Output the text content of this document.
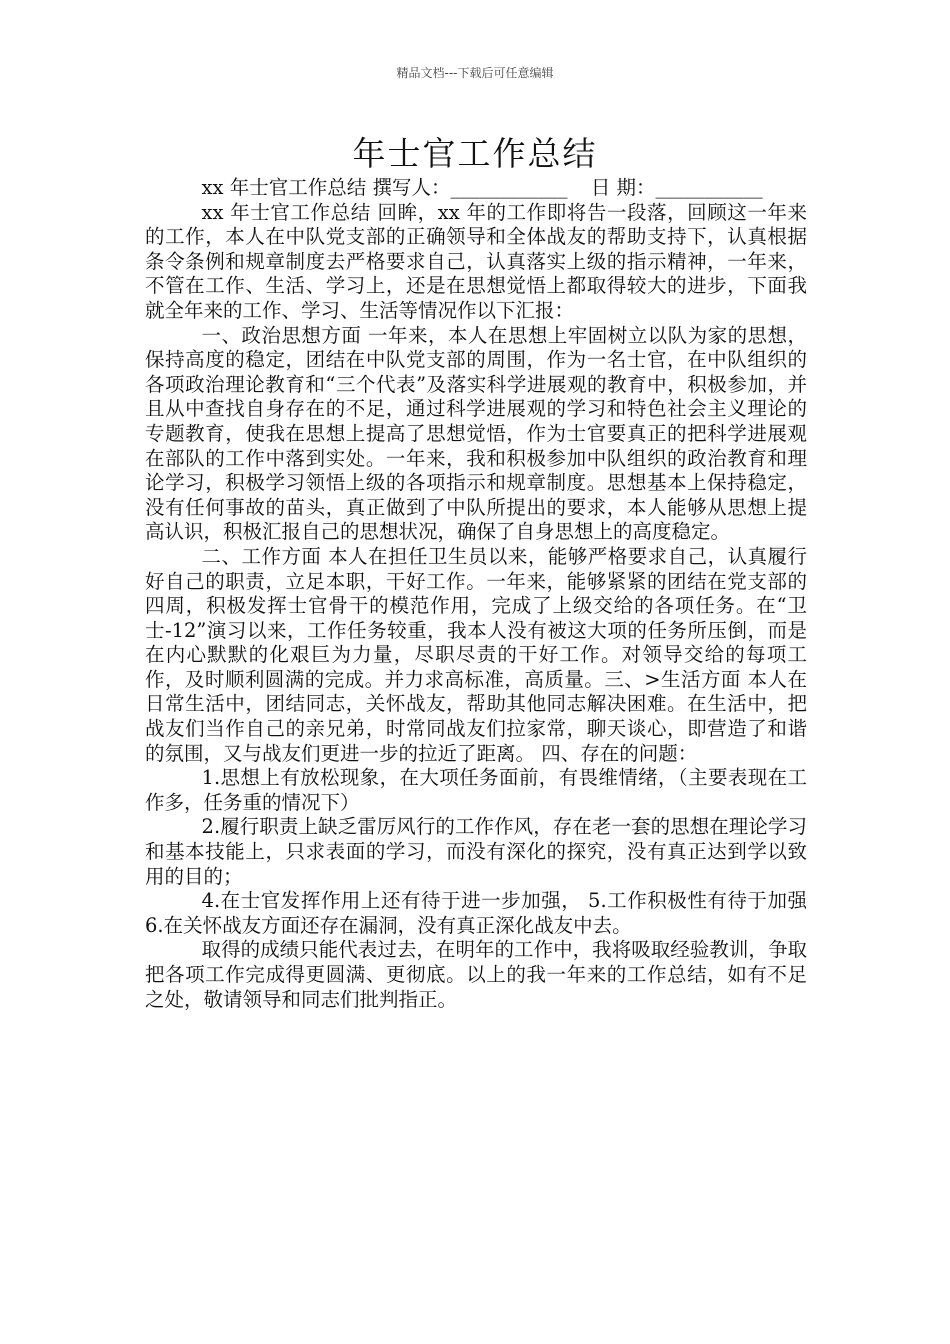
精品文档---下载后可任意编辑
年士官工作总结

xx 年士官工作总结 撰写人：____________ 日 期：___________

xx 年士官工作总结 回眸，xx 年的工作即将告一段落，回顾这一年来的工作，本人在中队党支部的正确领导和全体战友的帮助支持下，认真根据条令条例和规章制度去严格要求自己，认真落实上级的指示精神，一年来，不管在工作、生活、学习上，还是在思想觉悟上都取得较大的进步，下面我就全年来的工作、学习、生活等情况作以下汇报：

一、政治思想方面 一年来，本人在思想上牢固树立以队为家的思想，保持高度的稳定，团结在中队党支部的周围，作为一名士官，在中队组织的各项政治理论教育和“三个代表”及落实科学进展观的教育中，积极参加，并且从中查找自身存在的不足，通过科学进展观的学习和特色社会主义理论的专题教育，使我在思想上提高了思想觉悟，作为士官要真正的把科学进展观在部队的工作中落到实处。一年来，我和积极参加中队组织的政治教育和理论学习，积极学习领悟上级的各项指示和规章制度。思想基本上保持稳定，没有任何事故的苗头，真正做到了中队所提出的要求，本人能够从思想上提高认识，积极汇报自己的思想状况，确保了自身思想上的高度稳定。

二、工作方面 本人在担任卫生员以来，能够严格要求自己，认真履行好自己的职责，立足本职，干好工作。一年来，能够紧紧的团结在党支部的四周，积极发挥士官骨干的模范作用，完成了上级交给的各项任务。在“卫士-12”演习以来，工作任务较重，我本人没有被这大项的任务所压倒，而是在内心默默的化艰巨为力量，尽职尽责的干好工作。对领导交给的每项工作，及时顺利圆满的完成。并力求高标准，高质量。三、>生活方面 本人在日常生活中，团结同志，关怀战友，帮助其他同志解决困难。在生活中，把战友们当作自己的亲兄弟，时常同战友们拉家常，聊天谈心，即营造了和谐的氛围，又与战友们更进一步的拉近了距离。 四、存在的问题：

1.思想上有放松现象，在大项任务面前，有畏维情绪，（主要表现在工作多，任务重的情况下）

2.履行职责上缺乏雷厉风行的工作作风，存在老一套的思想在理论学习和基本技能上，只求表面的学习，而没有深化的探究，没有真正达到学以致用的目的；

4.在士官发挥作用上还有待于进一步加强， 5.工作积极性有待于加强 6.在关怀战友方面还存在漏洞，没有真正深化战友中去。

取得的成绩只能代表过去，在明年的工作中，我将吸取经验教训，争取把各项工作完成得更圆满、更彻底。以上的我一年来的工作总结，如有不足之处，敬请领导和同志们批判指正。
